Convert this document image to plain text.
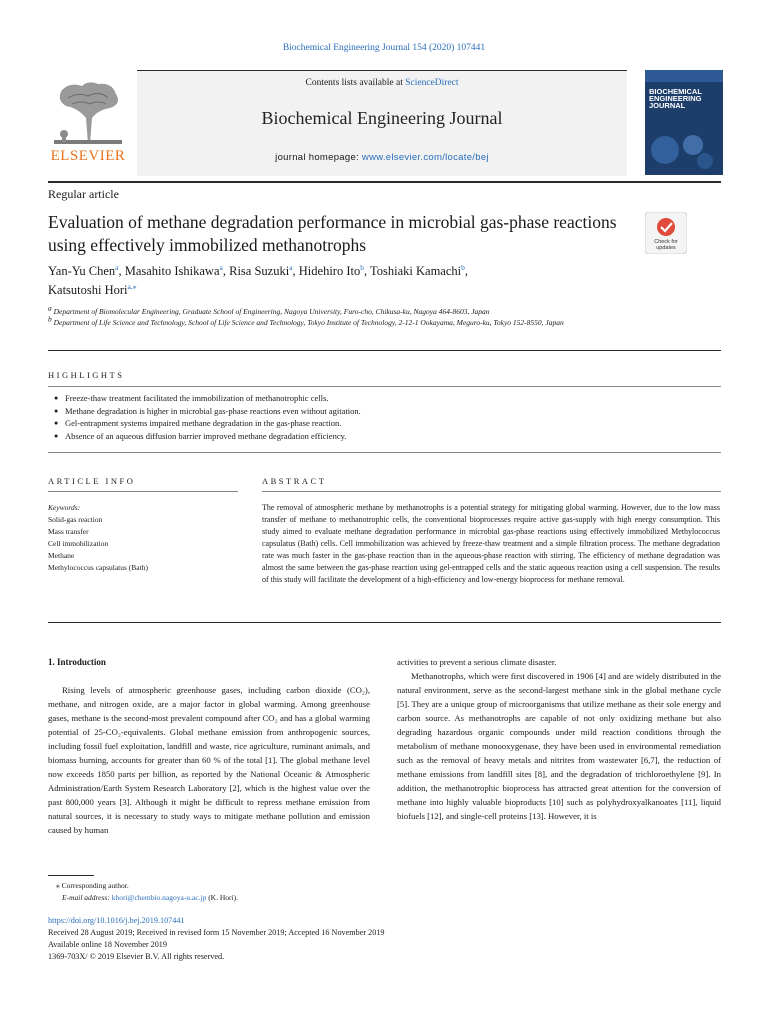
Biochemical Engineering Journal 154 (2020) 107441
ELSEVIER
Contents lists available at ScienceDirect
Biochemical Engineering Journal
journal homepage: www.elsevier.com/locate/bej
BIOCHEMICAL ENGINEERING JOURNAL
Regular article
Evaluation of methane degradation performance in microbial gas-phase reactions using effectively immobilized methanotrophs	Check for
updates
Yan-Yu Chen$^a$, Masahito Ishikawa$^a$, Risa Suzuki$^a$, Hidehiro Ito$^b$, Toshiaki Kamachi$^b$,
Katsutoshi Hori$^{a,⁎}$
$^a$ Department of Biomolecular Engineering, Graduate School of Engineering, Nagoya University, Furo-cho, Chikusa-ku, Nagoya 464-8603, Japan
$^b$ Department of Life Science and Technology, School of Life Science and Technology, Tokyo Institute of Technology, 2-12-1 Ookayama, Meguro-ku, Tokyo 152-8550, Japan
HIGHLIGHTS
● Freeze-thaw treatment facilitated the immobilization of methanotrophic cells.
● Methane degradation is higher in microbial gas-phase reactions even without agitation.
● Gel-entrapment systems impaired methane degradation in the gas-phase reaction.
● Absence of an aqueous diffusion barrier improved methane degradation efficiency.
ARTICLE INFO	ABSTRACT
Keywords:
Solid-gas reaction
Mass transfer
Cell immobilization
Methane
Methylococcus capsulatus (Bath)
The removal of atmospheric methane by methanotrophs is a potential strategy for mitigating global warming. However, due to the low mass transfer of methane to methanotrophic cells, the conventional bioprocesses require active gas-supply with high energy consumption. This study aimed to evaluate methane degradation performance in microbial gas-phase reactions using effectively immobilized Methylococcus capsulatus (Bath) cells. Cell immobilization was achieved by freeze-thaw treatment and a simple filtration process. The methane degradation rate was much faster in the gas-phase reaction than in the aqueous-phase reaction with stirring. The efficiency of methane degradation was almost the same between the gas-phase reaction using gel-entrapped cells and the static aqueous reaction using a cell suspension. The results of this study will facilitate the development of a high-efficiency and low-energy bioprocess for methane removal.
1. Introduction

Rising levels of atmospheric greenhouse gases, including carbon dioxide (CO₂), methane, and nitrogen oxide, are a major factor in global warming. Among greenhouse gases, methane is the second-most prevalent compound after CO₂ and has a global warming potential of 25-CO₂-equivalents. Global methane emission from anthropogenic sources, including fossil fuel exploitation, landfill and waste, rice agriculture, ruminant animals, and biomass burning, accounts for greater than 60 % of the total [1]. The global methane level now exceeds 1850 parts per billion, as reported by the National Oceanic & Atmospheric Administration/Earth System Research Laboratory [2], which is the highest value over the past 800,000 years [3]. Although it might be difficult to repress methane emission from natural sources, it is necessary to study ways to mitigate methane pollution and emission caused by human

activities to prevent a serious climate disaster.

Methanotrophs, which were first discovered in 1906 [4] and are widely distributed in the natural environment, serve as the second-largest methane sink in the global methane cycle [5]. They are a unique group of microorganisms that utilize methane as their sole energy and carbon source. As methanotrophs are capable of not only oxidizing methane but also degrading hazardous organic compounds under mild reaction conditions through the metabolism of methane monooxygenase, they have been used in environmental remediation such as the removal of heavy metals and nitrites from wastewater [6,7], the reduction of methane emissions from landfill sites [8], and the degradation of trichloroethylene [9]. In addition, the methanotrophic bioprocess has attracted great attention for the conversion of methane into highly valuable bioproducts [10] such as polyhydroxyalkanoates [11], liquid biofuels [12], and single-cell proteins [13]. However, it is

⁎ Corresponding author.
E-mail address: khori@chembio.nagoya-u.ac.jp (K. Hori).
https://doi.org/10.1016/j.bej.2019.107441
Received 28 August 2019; Received in revised form 15 November 2019; Accepted 16 November 2019
Available online 18 November 2019
1369-703X/ © 2019 Elsevier B.V. All rights reserved.
